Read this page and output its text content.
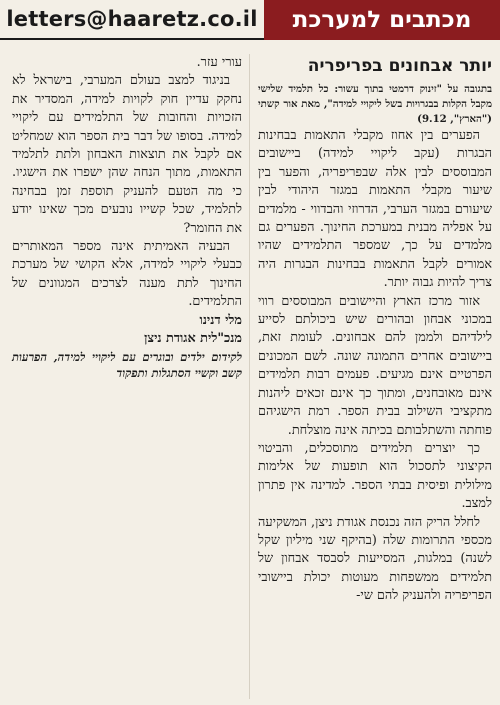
letters@haaretz.co.il	מכתבים למערכת
יותר אבחונים בפריפריה

בתגובה על "זינוק דרמטי בתוך עשור: כל תלמיד שלישי מקבל הקלות בבגרויות בשל ליקויי למידה", מאת אור קשתי ("הארץ", 9.12)

הפערים בין אחוז מקבלי התאמות בבחינות הבגרות (עקב ליקויי למידה) ביישובים המבוססים לבין אלה שבפריפריה, והפער בין שיעור מקבלי התאמות במגזר היהודי לבין שיעורם במגזר הערבי, הדרוזי והבדווי - מלמדים על אפליה מבנית במערכת החינוך. הפערים גם מלמדים על כך, שמספר התלמידים שהיו אמורים לקבל התאמות בבחינות הבגרות היה צריך להיות גבוה יותר.

אזור מרכז הארץ והיישובים המבוססים רווי במכוני אבחון ובהורים שיש ביכולתם לסייע לילדיהם ולממן להם אבחונים. לעומת זאת, ביישובים אחרים התמונה שונה. לשם המכונים הפרטיים אינם מגיעים. פעמים רבות תלמידים אינם מאובחנים, ומתוך כך אינם זכאים ליהנות מתקציבי השילוב בבית הספר. רמת הישגיהם פוחתה והשתלבותם בכיתה אינה מוצלחת.

כך יוצרים תלמידים מתוסכלים, והביטוי הקיצוני לתסכול הוא תופעות של אלימות מילולית ופיסית בבתי הספר. למדינה אין פתרון למצב.

לחלל הריק הזה נכנסת אגודת ניצן, המשקיעה מכספי התרומות שלה (בהיקף שני מיליון שקל לשנה) במלגות, המסייעות לסבסד אבחון של תלמידים ממשפחות מעוטות יכולת ביישובי הפריפריה ולהעניק להם שי-

עורי עזר.

בניגוד למצב בעולם המערבי, בישראל לא נחקק עדיין חוק לקויות למידה, המסדיר את הזכויות והחובות של התלמידים עם ליקויי למידה. בסופו של דבר בית הספר הוא שמחליט אם לקבל את תוצאות האבחון ולתת לתלמיד התאמות, מתוך הנחה שהן ישפרו את הישגיו. כי מה הטעם להעניק תוספת זמן בבחינה לתלמיד, שכל קשייו נובעים מכך שאינו יודע את החומר?

הבעיה האמיתית אינה מספר המאותרים כבעלי ליקויי למידה, אלא הקושי של מערכת החינוך לתת מענה לצרכים המגוונים של התלמידים.

מלי דנינו

מנכ"לית אגודת ניצן

לקידום ילדים ובוגרים עם ליקויי למידה, הפרעות קשב וקשיי הסתגלות ותפקוד
